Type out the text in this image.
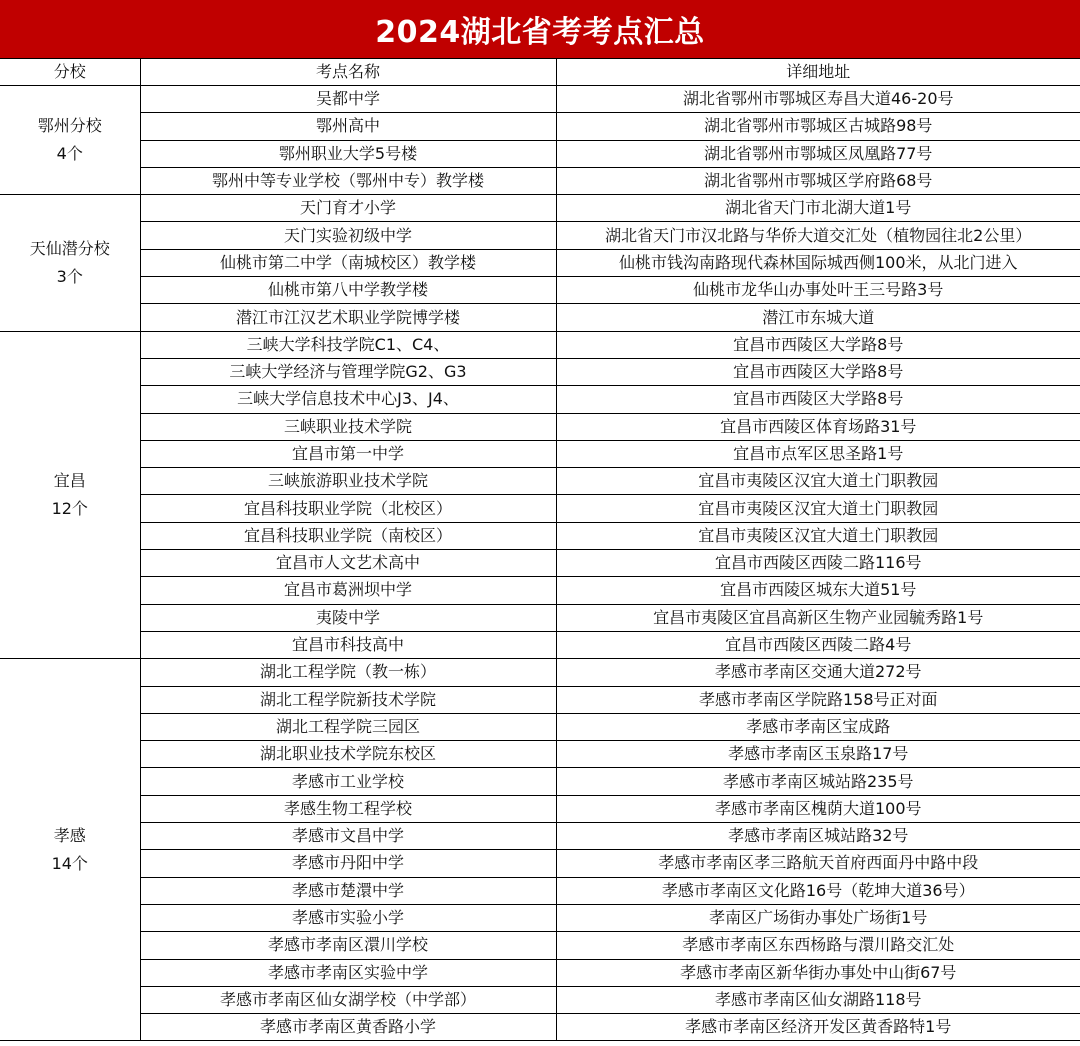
2024湖北省考考点汇总
分校	考点名称	详细地址

鄂州分校
4个	吴都中学	湖北省鄂州市鄂城区寿昌大道46-20号
	鄂州高中	湖北省鄂州市鄂城区古城路98号
	鄂州职业大学5号楼	湖北省鄂州市鄂城区凤凰路77号
	鄂州中等专业学校（鄂州中专）教学楼	湖北省鄂州市鄂城区学府路68号

天仙潜分校
3个	天门育才小学	湖北省天门市北湖大道1号
	天门实验初级中学	湖北省天门市汉北路与华侨大道交汇处（植物园往北2公里）
	仙桃市第二中学（南城校区）教学楼	仙桃市钱沟南路现代森林国际城西侧100米，从北门进入
	仙桃市第八中学教学楼	仙桃市龙华山办事处叶王三号路3号
	潜江市江汉艺术职业学院博学楼	潜江市东城大道

宜昌
12个	三峡大学科技学院C1、C4、	宜昌市西陵区大学路8号
	三峡大学经济与管理学院G2、G3	宜昌市西陵区大学路8号
	三峡大学信息技术中心J3、J4、	宜昌市西陵区大学路8号
	三峡职业技术学院	宜昌市西陵区体育场路31号
	宜昌市第一中学	宜昌市点军区思圣路1号
	三峡旅游职业技术学院	宜昌市夷陵区汉宜大道土门职教园
	宜昌科技职业学院（北校区）	宜昌市夷陵区汉宜大道土门职教园
	宜昌科技职业学院（南校区）	宜昌市夷陵区汉宜大道土门职教园
	宜昌市人文艺术高中	宜昌市西陵区西陵二路116号
	宜昌市葛洲坝中学	宜昌市西陵区城东大道51号
	夷陵中学	宜昌市夷陵区宜昌高新区生物产业园毓秀路1号
	宜昌市科技高中	宜昌市西陵区西陵二路4号

孝感
14个	湖北工程学院（教一栋）	孝感市孝南区交通大道272号
	湖北工程学院新技术学院	孝感市孝南区学院路158号正对面
	湖北工程学院三园区	孝感市孝南区宝成路
	湖北职业技术学院东校区	孝感市孝南区玉泉路17号
	孝感市工业学校	孝感市孝南区城站路235号
	孝感生物工程学校	孝感市孝南区槐荫大道100号
	孝感市文昌中学	孝感市孝南区城站路32号
	孝感市丹阳中学	孝感市孝南区孝三路航天首府西面丹中路中段
	孝感市楚澴中学	孝感市孝南区文化路16号（乾坤大道36号）
	孝感市实验小学	孝南区广场街办事处广场街1号
	孝感市孝南区澴川学校	孝感市孝南区东西杨路与澴川路交汇处
	孝感市孝南区实验中学	孝感市孝南区新华街办事处中山街67号
	孝感市孝南区仙女湖学校（中学部）	孝感市孝南区仙女湖路118号
	孝感市孝南区黄香路小学	孝感市孝南区经济开发区黄香路特1号
